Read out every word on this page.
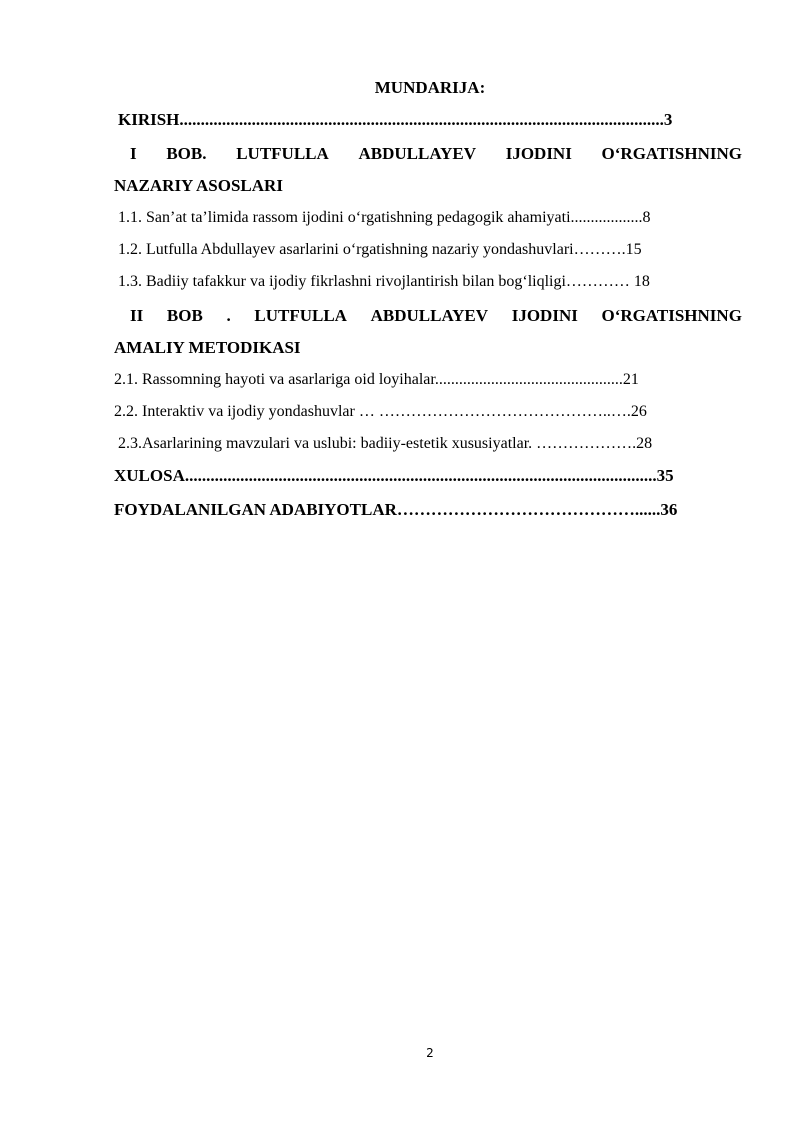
MUNDARIJA:
KIRISH..................................................................................................................3
I BOB. LUTFULLA ABDULLAYEV IJODINI O‘RGATISHNING
NAZARIY ASOSLARI
1.1. San’at ta’limida rassom ijodini o‘rgatishning pedagogik ahamiyati..................8
1.2. Lutfulla Abdullayev asarlarini o‘rgatishning nazariy yondashuvlari……….15
1.3. Badiiy tafakkur va ijodiy fikrlashni rivojlantirish bilan bog‘liqligi………… 18
II BOB . LUTFULLA ABDULLAYEV IJODINI O‘RGATISHNING
AMALIY METODIKASI
2.1. Rassomning hayoti va asarlariga oid loyihalar...............................................21
2.2. Interaktiv va ijodiy yondashuvlar … ……………………………………..….26
2.3.Asarlarining mavzulari va uslubi: badiiy-estetik xususiyatlar. ……………….28
XULOSA...............................................................................................................35
FOYDALANILGAN ADABIYOTLAR……………………………………......36
2
